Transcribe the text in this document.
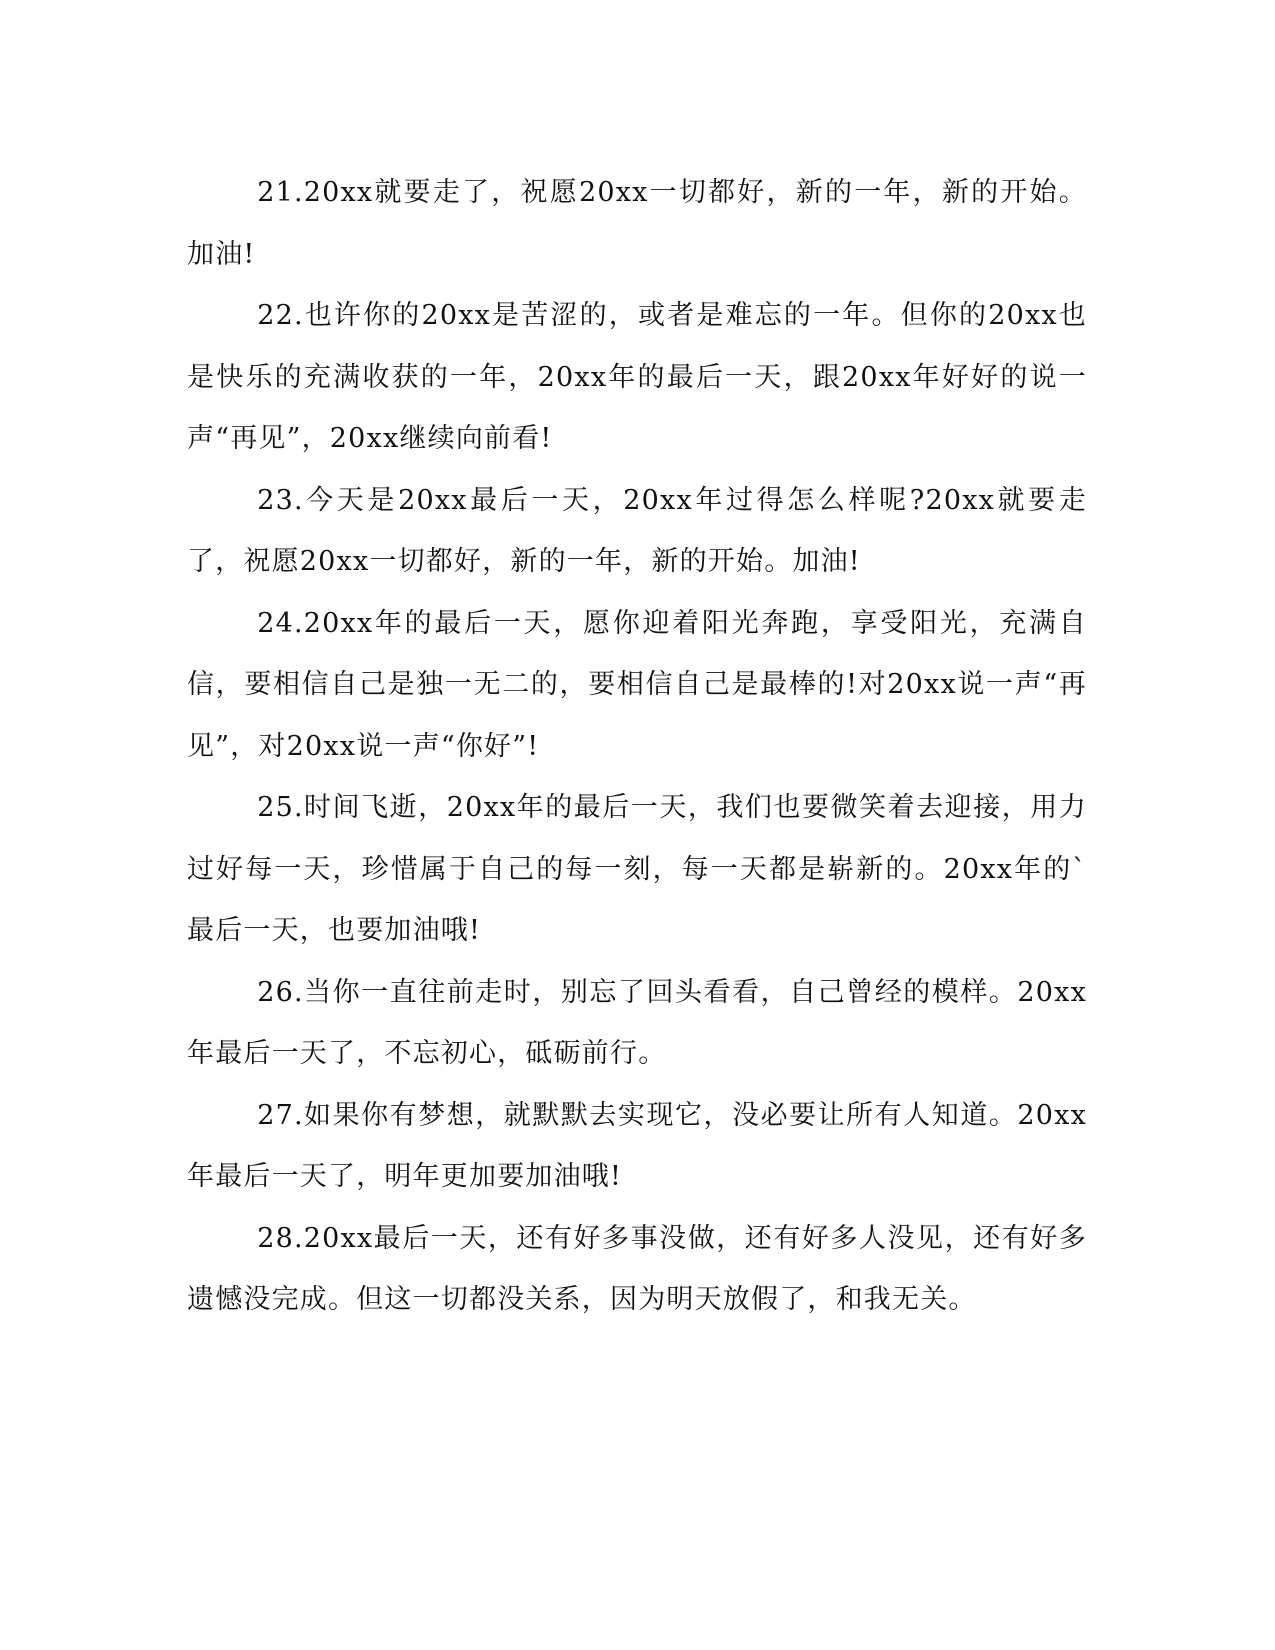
21.20xx就要走了，祝愿20xx一切都好，新的一年，新的开始。加油!

22.也许你的20xx是苦涩的，或者是难忘的一年。但你的20xx也是快乐的充满收获的一年，20xx年的最后一天，跟20xx年好好的说一声“再见”，20xx继续向前看!

23.今天是20xx最后一天，20xx年过得怎么样呢?20xx就要走了，祝愿20xx一切都好，新的一年，新的开始。加油!

24.20xx年的最后一天，愿你迎着阳光奔跑，享受阳光，充满自信，要相信自己是独一无二的，要相信自己是最棒的!对20xx说一声“再见”，对20xx说一声“你好”!

25.时间飞逝，20xx年的最后一天，我们也要微笑着去迎接，用力过好每一天，珍惜属于自己的每一刻，每一天都是崭新的。20xx年的`最后一天，也要加油哦!

26.当你一直往前走时，别忘了回头看看，自己曾经的模样。20xx年最后一天了，不忘初心，砥砺前行。

27.如果你有梦想，就默默去实现它，没必要让所有人知道。20xx年最后一天了，明年更加要加油哦!

28.20xx最后一天，还有好多事没做，还有好多人没见，还有好多遗憾没完成。但这一切都没关系，因为明天放假了，和我无关。
